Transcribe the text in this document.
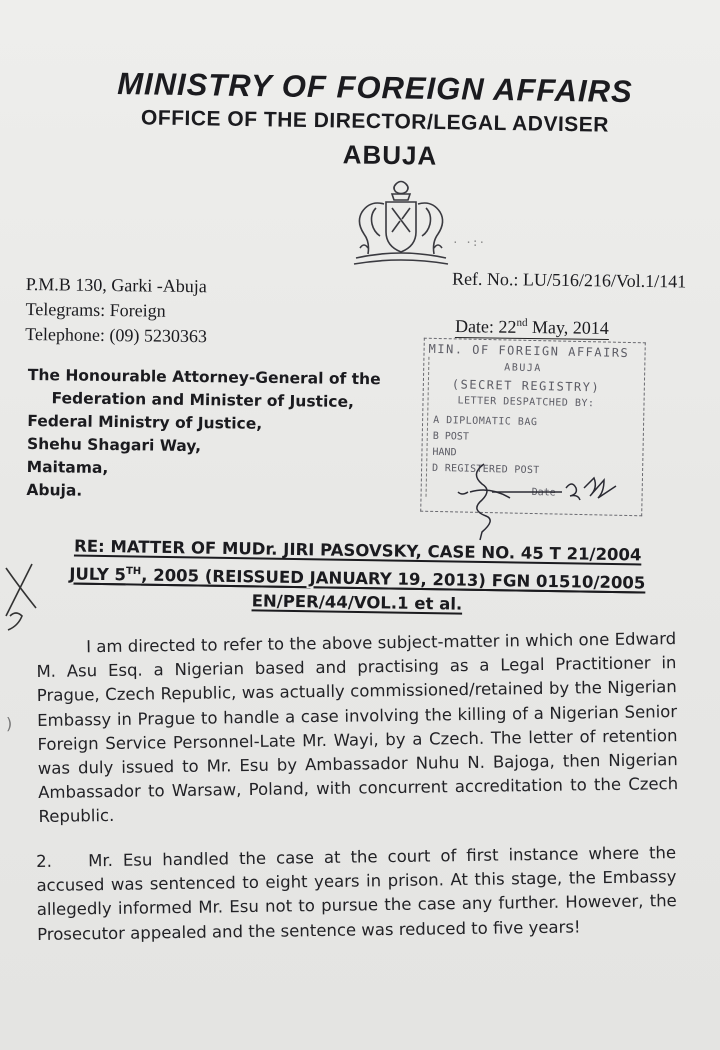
MINISTRY OF FOREIGN AFFAIRS
OFFICE OF THE DIRECTOR/LEGAL ADVISER
ABUJA
· ·:·
P.M.B 130, Garki -Abuja
Telegrams: Foreign
Telephone: (09) 5230363
Ref. No.: LU/516/216/Vol.1/141
Date: 22nd May, 2014
MIN. OF FOREIGN AFFAIRS
ABUJA
(SECRET REGISTRY)
LETTER DESPATCHED BY:
A DIPLOMATIC BAG
B POST
HAND
D REGISTERED POST
Date
The Honourable Attorney-General of the
Federation and Minister of Justice,
Federal Ministry of Justice,
Shehu Shagari Way,
Maitama,
Abuja.
RE: MATTER OF MUDr. JIRI PASOVSKY, CASE NO. 45 T 21/2004
JULY 5TH, 2005 (REISSUED JANUARY 19, 2013) FGN 01510/2005
EN/PER/44/VOL.1 et al.
)
I am directed to refer to the above subject-matter in which one Edward M. Asu Esq. a Nigerian based and practising as a Legal Practitioner in Prague, Czech Republic, was actually commissioned/retained by the Nigerian Embassy in Prague to handle a case involving the killing of a Nigerian Senior Foreign Service Personnel-Late Mr. Wayi, by a Czech. The letter of retention was duly issued to Mr. Esu by Ambassador Nuhu N. Bajoga, then Nigerian Ambassador to Warsaw, Poland, with concurrent accreditation to the Czech Republic.
2. Mr. Esu handled the case at the court of first instance where the accused was sentenced to eight years in prison. At this stage, the Embassy allegedly informed Mr. Esu not to pursue the case any further. However, the Prosecutor appealed and the sentence was reduced to five years!
